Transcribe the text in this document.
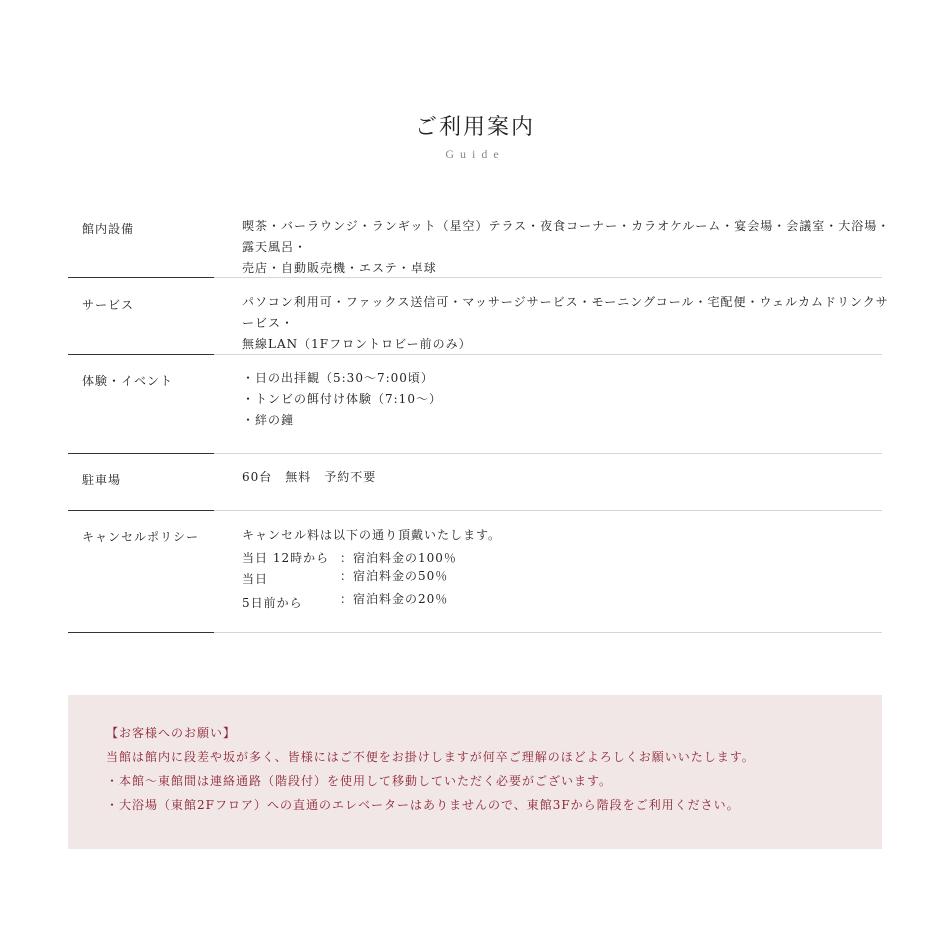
ご利用案内
Guide
館内設備	喫茶・バーラウンジ・ランギット（星空）テラス・夜食コーナー・カラオケルーム・宴会場・会議室・大浴場・露天風呂・
売店・自動販売機・エステ・卓球
サービス	パソコン利用可・ファックス送信可・マッサージサービス・モーニングコール・宅配便・ウェルカムドリンクサービス・
無線LAN（1Fフロントロビー前のみ）
体験・イベント	・日の出拝観（5:30〜7:00頃）
・トンビの餌付け体験（7:10〜）
・絆の鐘
駐車場	60台　無料　予約不要
キャンセルポリシー	キャンセル料は以下の通り頂戴いたします。
当日 12時から ：宿泊料金の100％
当日	：宿泊料金の50％
5日前から	：宿泊料金の20％
【お客様へのお願い】
当館は館内に段差や坂が多く、皆様にはご不便をお掛けしますが何卒ご理解のほどよろしくお願いいたします。
・本館〜東館間は連絡通路（階段付）を使用して移動していただく必要がございます。
・大浴場（東館2Fフロア）への直通のエレベーターはありませんので、東館3Fから階段をご利用ください。
